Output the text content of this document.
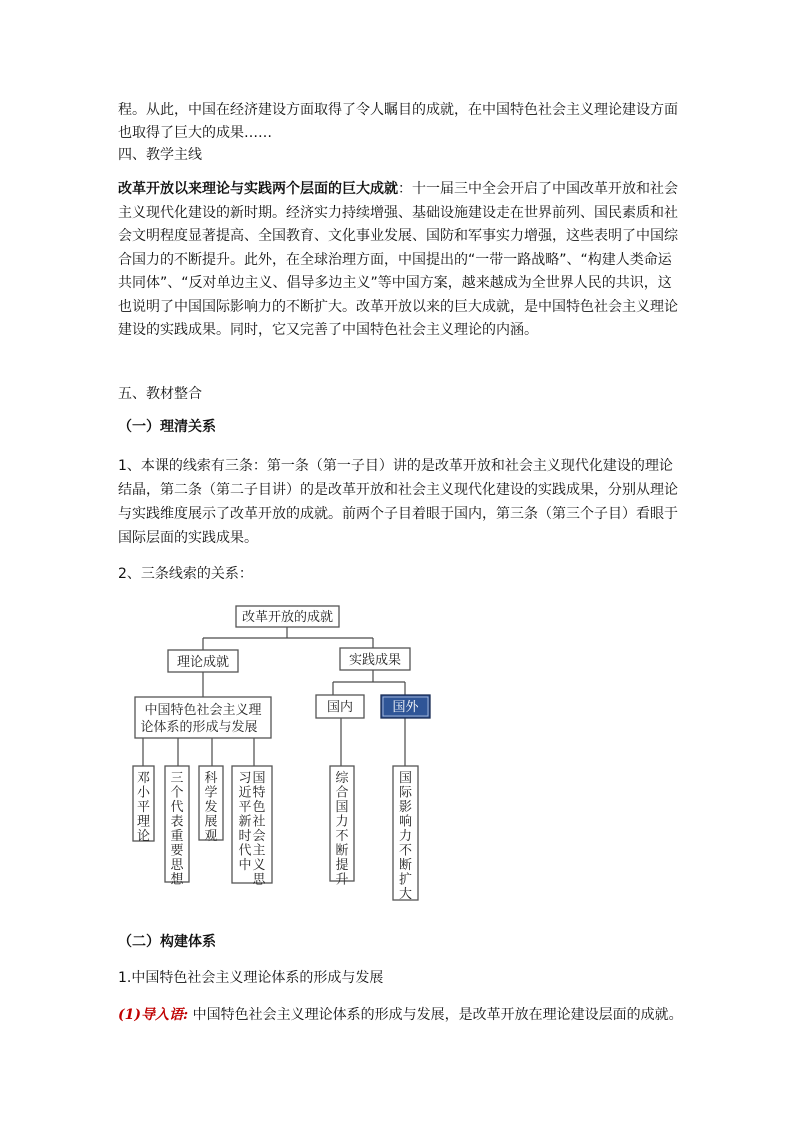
程。从此，中国在经济建设方面取得了令人瞩目的成就，在中国特色社会主义理论建设方面

也取得了巨大的成果……

四、教学主线

改革开放以来理论与实践两个层面的巨大成就：十一届三中全会开启了中国改革开放和社会主义现代化建设的新时期。经济实力持续增强、基础设施建设走在世界前列、国民素质和社会文明程度显著提高、全国教育、文化事业发展、国防和军事实力增强，这些表明了中国综合国力的不断提升。此外，在全球治理方面，中国提出的“一带一路战略”、“构建人类命运共同体”、“反对单边主义、倡导多边主义”等中国方案，越来越成为全世界人民的共识，这也说明了中国国际影响力的不断扩大。改革开放以来的巨大成就，是中国特色社会主义理论建设的实践成果。同时，它又完善了中国特色社会主义理论的内涵。

五、教材整合

（一）理清关系

1、本课的线索有三条：第一条（第一子目）讲的是改革开放和社会主义现代化建设的理论结晶，第二条（第二子目讲）的是改革开放和社会主义现代化建设的实践成果，分别从理论与实践维度展示了改革开放的成就。前两个子目着眼于国内，第三条（第三个子目）看眼于国际层面的实践成果。

2、三条线索的关系：

改革开放的成就
理论成就	实践成果
中国特色社会主义理
论体系的形成与发展
国内	国外
邓小平理论
三个代表重要思想
科学发展观
习近平新时代中国特色社会主义思
综合国力不断提升
国际影响力不断扩大

（二）构建体系

1.中国特色社会主义理论体系的形成与发展

(1)导入语: 中国特色社会主义理论体系的形成与发展，是改革开放在理论建设层面的成就。
